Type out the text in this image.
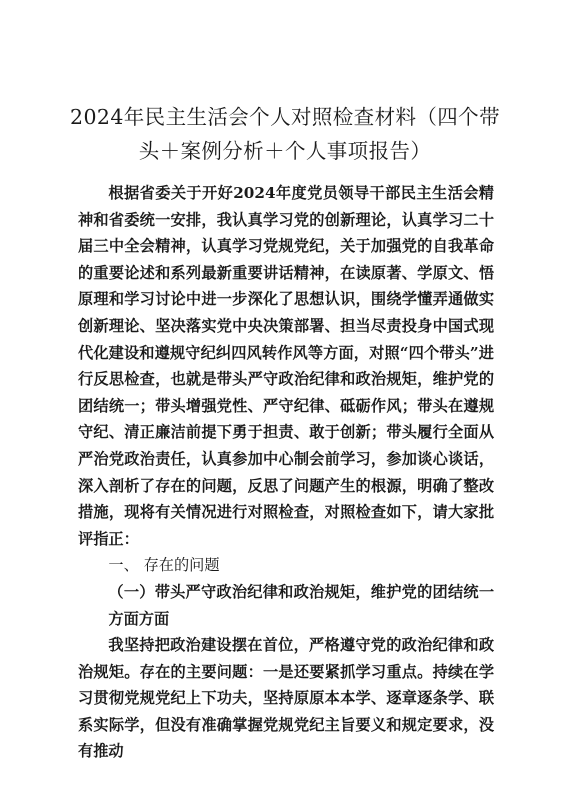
2024年民主生活会个人对照检查材料（四个带头＋案例分析＋个人事项报告）

根据省委关于开好2024年度党员领导干部民主生活会精神和省委统一安排，我认真学习党的创新理论，认真学习二十届三中全会精神，认真学习党规党纪，关于加强党的自我革命的重要论述和系列最新重要讲话精神，在读原著、学原文、悟原理和学习讨论中进一步深化了思想认识，围绕学懂弄通做实创新理论、坚决落实党中央决策部署、担当尽责投身中国式现代化建设和遵规守纪纠四风转作风等方面，对照“四个带头”进行反思检查，也就是带头严守政治纪律和政治规矩，维护党的团结统一；带头增强党性、严守纪律、砥砺作风；带头在遵规守纪、清正廉洁前提下勇于担责、敢于创新；带头履行全面从严治党政治责任，认真参加中心制会前学习，参加谈心谈话，深入剖析了存在的问题，反思了问题产生的根源，明确了整改措施，现将有关情况进行对照检查，对照检查如下，请大家批评指正：

一、 存在的问题

（一）带头严守政治纪律和政治规矩，维护党的团结统一方面方面

我坚持把政治建设摆在首位，严格遵守党的政治纪律和政治规矩。存在的主要问题：一是还要紧抓学习重点。持续在学习贯彻党规党纪上下功夫，坚持原原本本学、逐章逐条学、联系实际学，但没有准确掌握党规党纪主旨要义和规定要求，没有推动
